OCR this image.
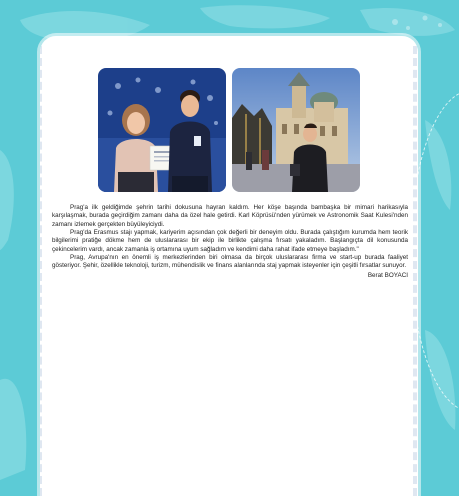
Prag'a ilk geldiğimde şehrin tarihi dokusuna hayran kaldım. Her köşe başında bambaşka bir mimari harikasıyla karşılaşmak, burada geçirdiğim zamanı daha da özel hale getirdi. Karl Köprüsü'nden yürümek ve Astronomik Saat Kulesi'nden zamanı izlemek gerçekten büyüleyiciydi.

Prag'da Erasmus stajı yapmak, kariyerim açısından çok değerli bir deneyim oldu. Burada çalıştığım kurumda hem teorik bilgilerimi pratiğe dökme hem de uluslararası bir ekip ile birlikte çalışma fırsatı yakaladım. Başlangıçta dil konusunda çekincelerim vardı, ancak zamanla iş ortamına uyum sağladım ve kendimi daha rahat ifade etmeye başladım."

Prag, Avrupa'nın en önemli iş merkezlerinden biri olmasa da birçok uluslararası firma ve start-up burada faaliyet gösteriyor. Şehir, özellikle teknoloji, turizm, mühendislik ve finans alanlarında staj yapmak isteyenler için çeşitli fırsatlar sunuyor.

Berat BOYACI
